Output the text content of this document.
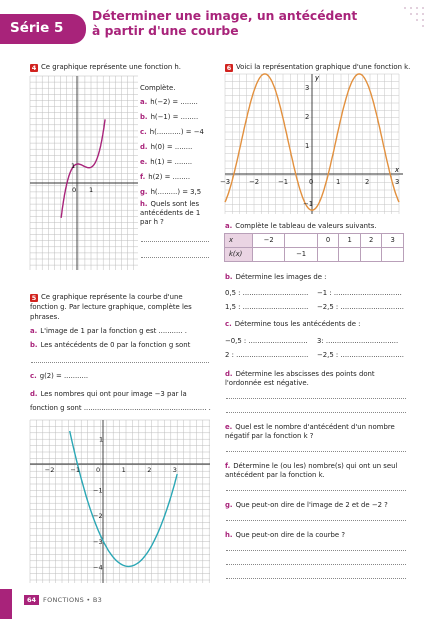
Série 5
Déterminer une image, un antécédent
à partir d'une courbe
4 Ce graphique représente une fonction h.
0 1
1
Complète.
a. h(−2) = ........
b. h(−1) = ........
c. h(...........) = −4
d. h(0) = ........
e. h(1) = ........
f. h(2) = ........
g. h(.........) = 3,5
h. Quels sont les
antécédents de 1
par h ?
5 Ce graphique représente la courbe d'une
fonction g. Par lecture graphique, complète les
phrases.
a. L'image de 1 par la fonction g est ........... .
b. Les antécédents de 0 par la fonction g sont
c. g(2) = ...........
d. Les nombres qui ont pour image −3 par la
fonction g sont ........................................................ .
−2 −1 0	1	2	3
1
−1
−2
−3
−4
6 Voici la représentation graphique d'une fonction k.
−3	−2	−1	0	1	2	3
3
2
1
−1
x
y
a. Complète le tableau de valeurs suivants.
x	−2		0	1	2	3
k(x)		−1				
b. Détermine les images de :
0,5 : .............................. −1 : ...............................
1,5 : .............................. −2,5 : .............................
c. Détermine tous les antécédents de :
−0,5 : ........................... 3: .................................
2 : ................................. −2,5 : .............................
d. Détermine les abscisses des points dont
l'ordonnée est négative.
e. Quel est le nombre d'antécédent d'un nombre
négatif par la fonction k ?
f. Détermine le (ou les) nombre(s) qui ont un seul
antécédent par la fonction k.
g. Que peut-on dire de l'image de 2 et de −2 ?
h. Que peut-on dire de la courbe ?
64 FONCTIONS • B3
